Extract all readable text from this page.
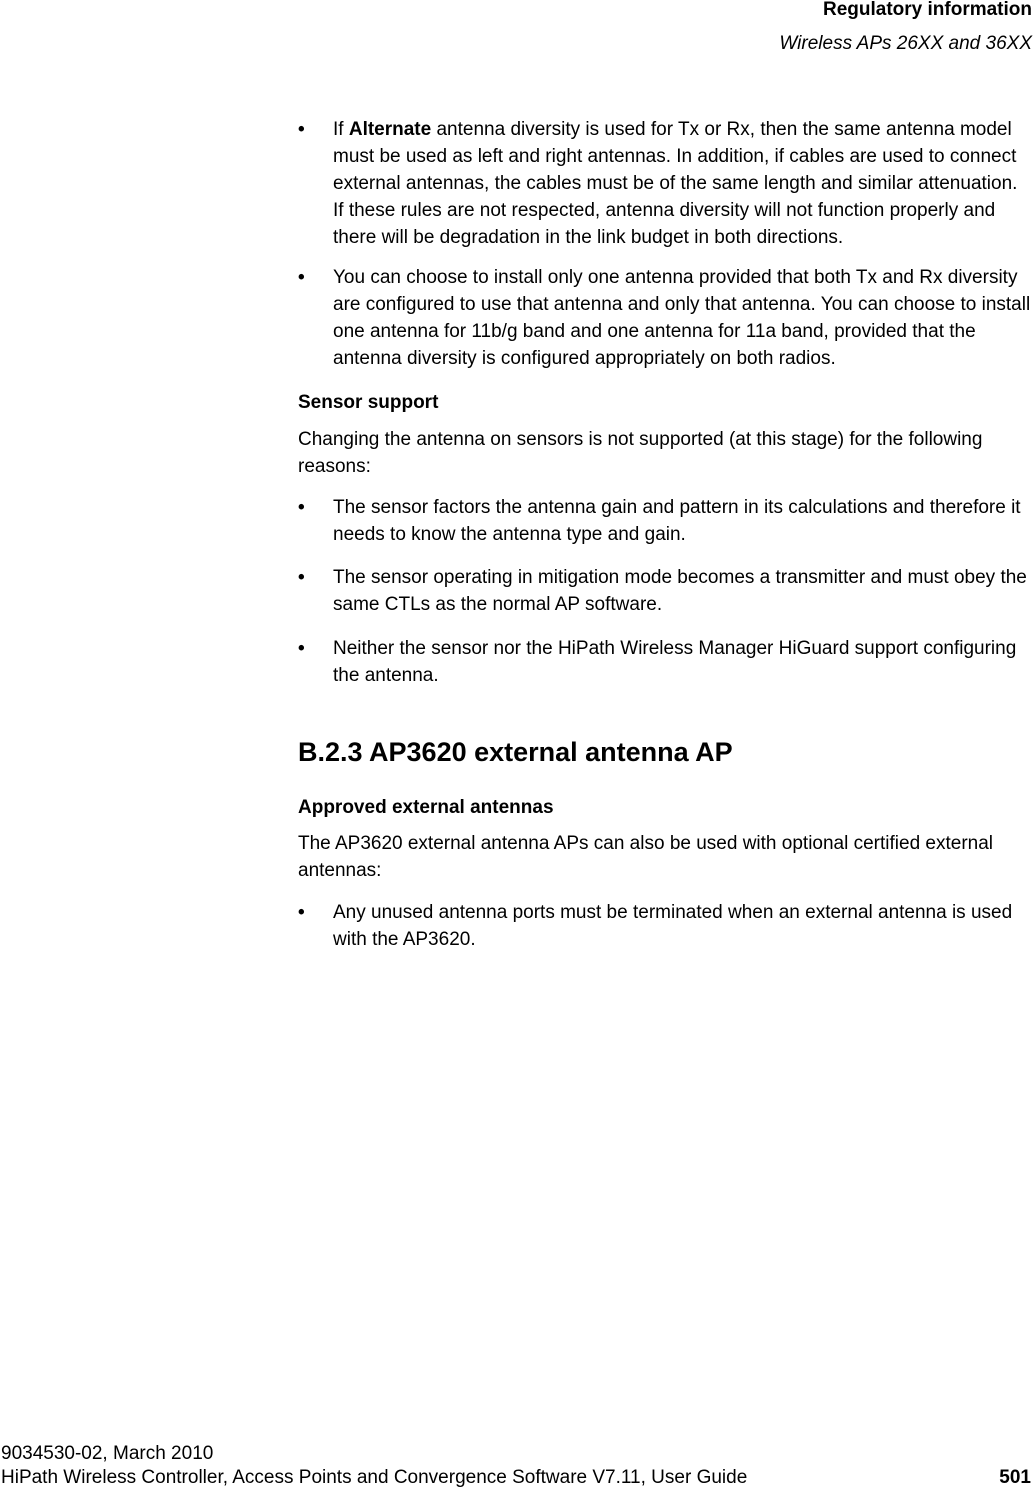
Regulatory information
Wireless APs 26XX and 36XX

• If Alternate antenna diversity is used for Tx or Rx, then the same antenna model must be used as left and right antennas. In addition, if cables are used to connect external antennas, the cables must be of the same length and similar attenuation. If these rules are not respected, antenna diversity will not function properly and there will be degradation in the link budget in both directions.

• You can choose to install only one antenna provided that both Tx and Rx diversity are configured to use that antenna and only that antenna. You can choose to install one antenna for 11b/g band and one antenna for 11a band, provided that the antenna diversity is configured appropriately on both radios.

Sensor support

Changing the antenna on sensors is not supported (at this stage) for the following reasons:

• The sensor factors the antenna gain and pattern in its calculations and therefore it needs to know the antenna type and gain.

• The sensor operating in mitigation mode becomes a transmitter and must obey the same CTLs as the normal AP software.

• Neither the sensor nor the HiPath Wireless Manager HiGuard support configuring the antenna.

B.2.3 AP3620 external antenna AP

Approved external antennas

The AP3620 external antenna APs can also be used with optional certified external antennas:

• Any unused antenna ports must be terminated when an external antenna is used with the AP3620.

9034530-02, March 2010
HiPath Wireless Controller, Access Points and Convergence Software V7.11, User Guide	501
